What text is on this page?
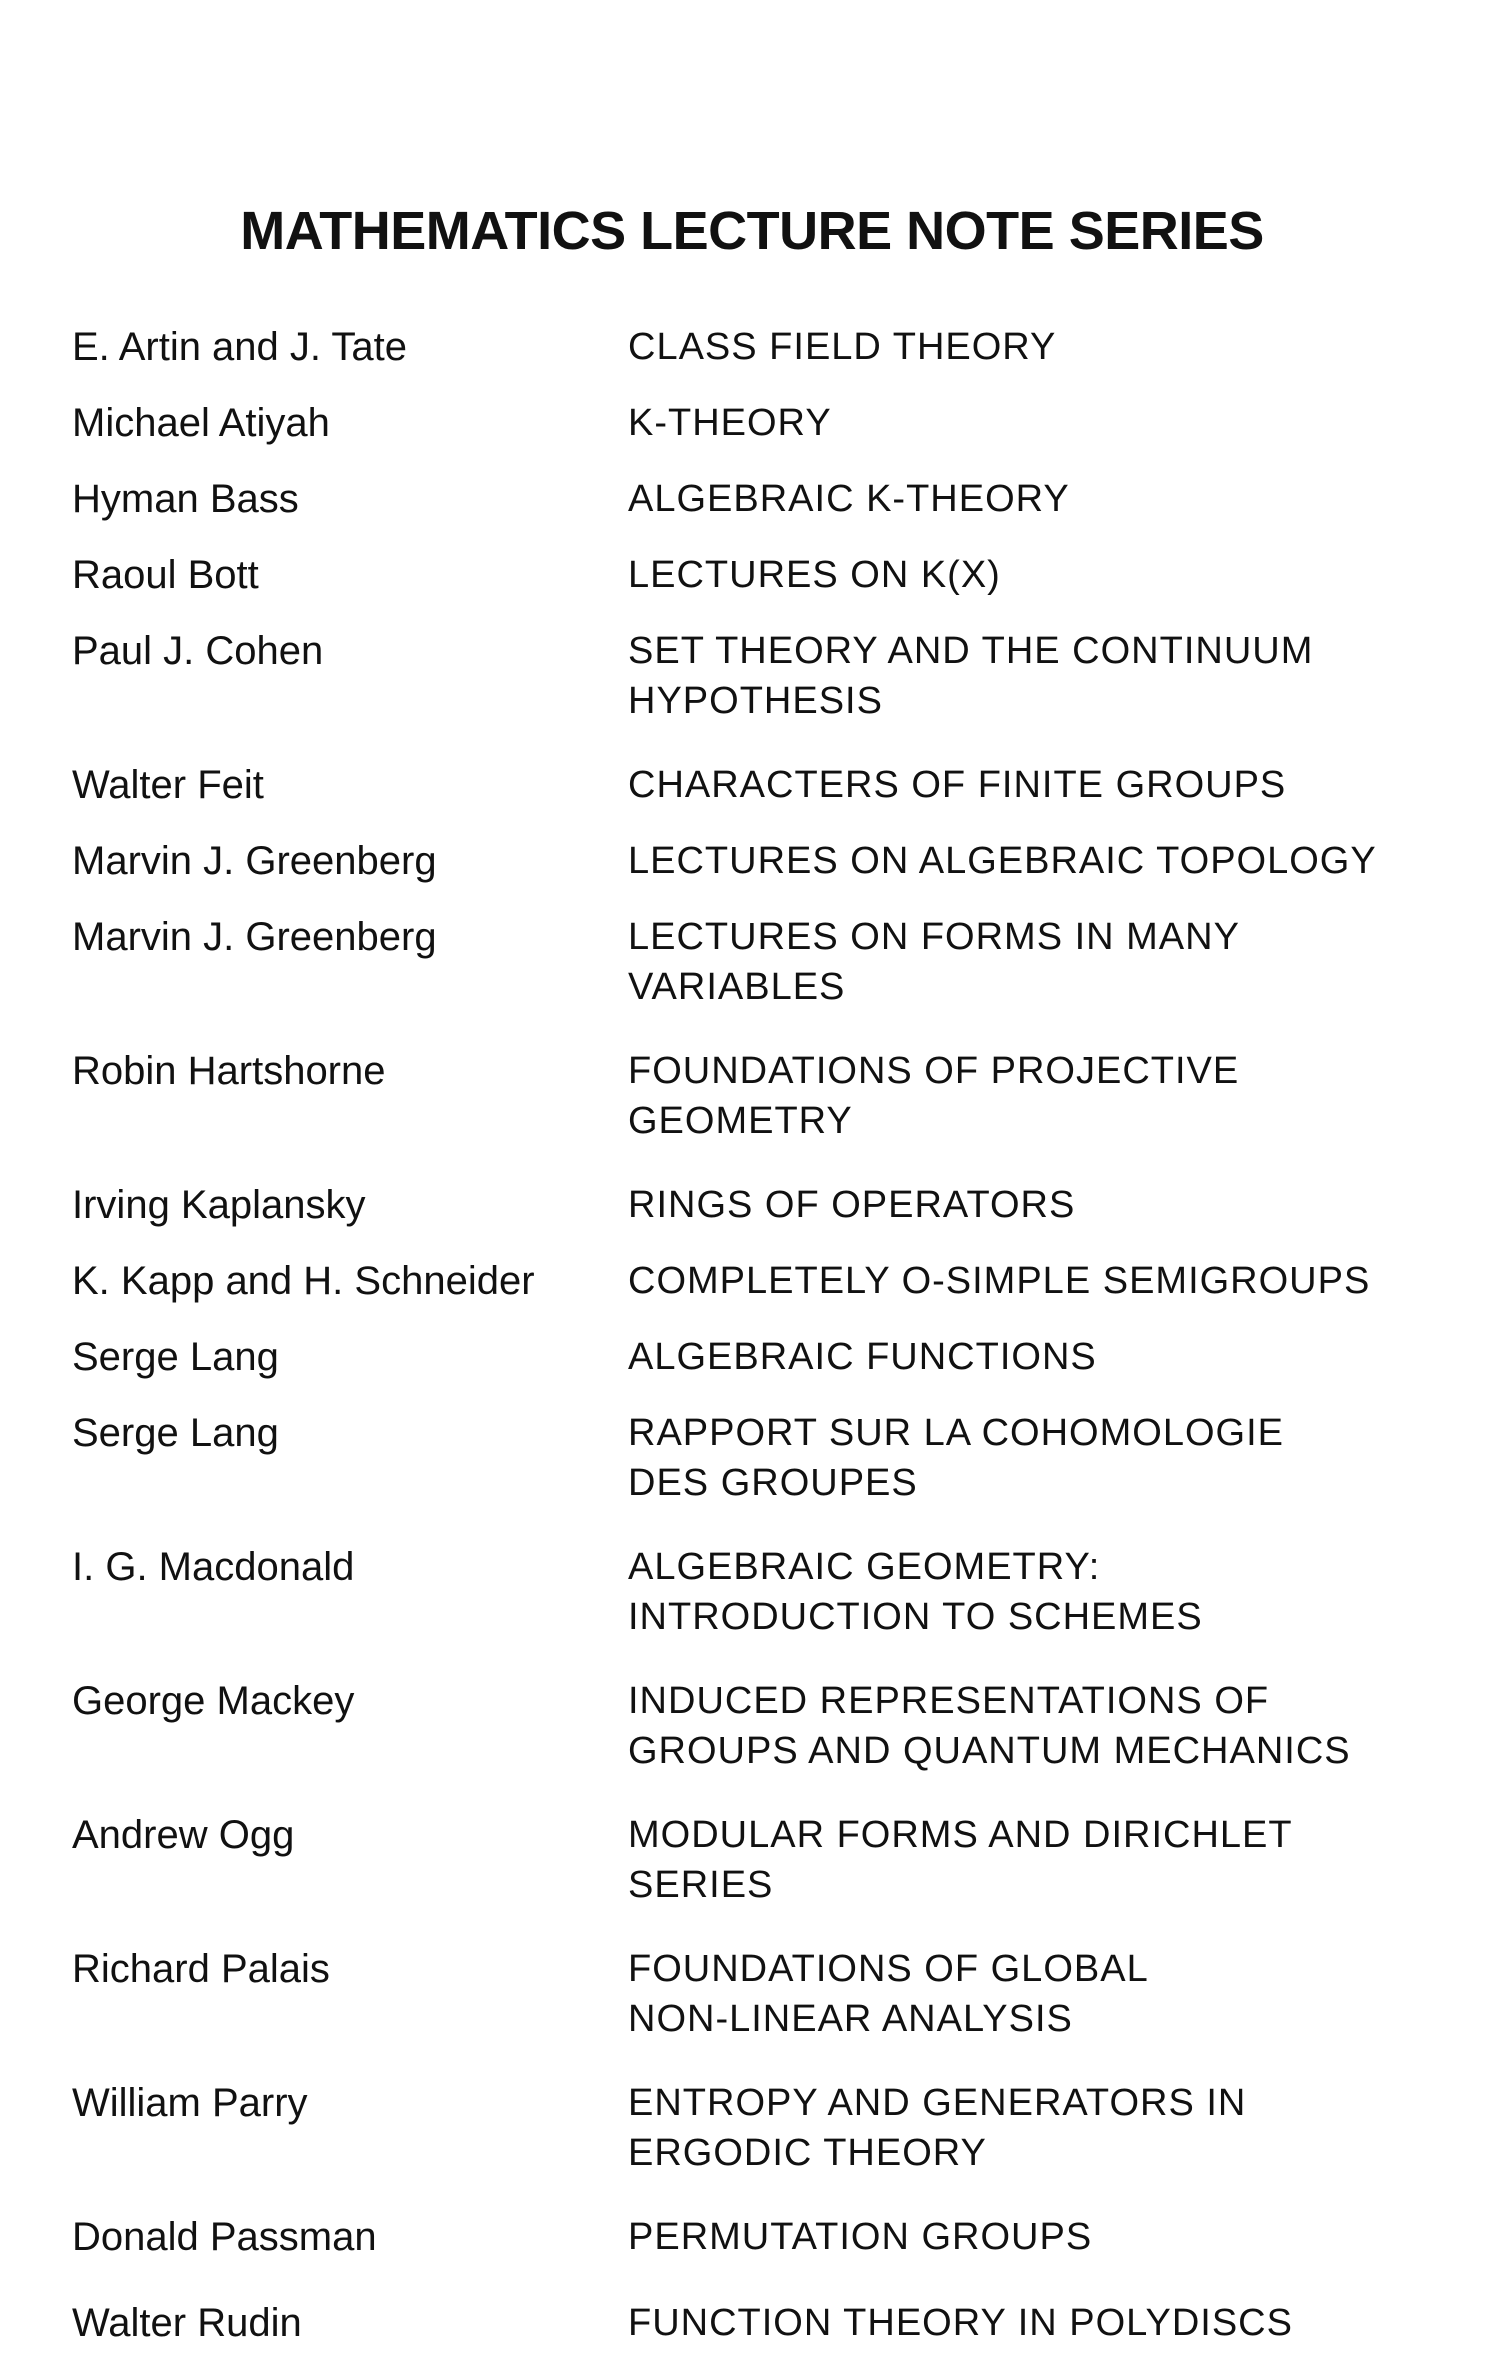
MATHEMATICS LECTURE NOTE SERIES
E. Artin and J. Tate	CLASS FIELD THEORY
Michael Atiyah	K-THEORY
Hyman Bass	ALGEBRAIC K-THEORY
Raoul Bott	LECTURES ON K(X)
Paul J. Cohen	SET THEORY AND THE CONTINUUM
HYPOTHESIS
Walter Feit	CHARACTERS OF FINITE GROUPS
Marvin J. Greenberg	LECTURES ON ALGEBRAIC TOPOLOGY
Marvin J. Greenberg	LECTURES ON FORMS IN MANY
VARIABLES
Robin Hartshorne	FOUNDATIONS OF PROJECTIVE
GEOMETRY
Irving Kaplansky	RINGS OF OPERATORS
K. Kapp and H. Schneider	COMPLETELY O-SIMPLE SEMIGROUPS
Serge Lang	ALGEBRAIC FUNCTIONS
Serge Lang	RAPPORT SUR LA COHOMOLOGIE
DES GROUPES
I. G. Macdonald	ALGEBRAIC GEOMETRY:
INTRODUCTION TO SCHEMES
George Mackey	INDUCED REPRESENTATIONS OF
GROUPS AND QUANTUM MECHANICS
Andrew Ogg	MODULAR FORMS AND DIRICHLET
SERIES
Richard Palais	FOUNDATIONS OF GLOBAL
NON-LINEAR ANALYSIS
William Parry	ENTROPY AND GENERATORS IN
ERGODIC THEORY
Donald Passman	PERMUTATION GROUPS
Walter Rudin	FUNCTION THEORY IN POLYDISCS
